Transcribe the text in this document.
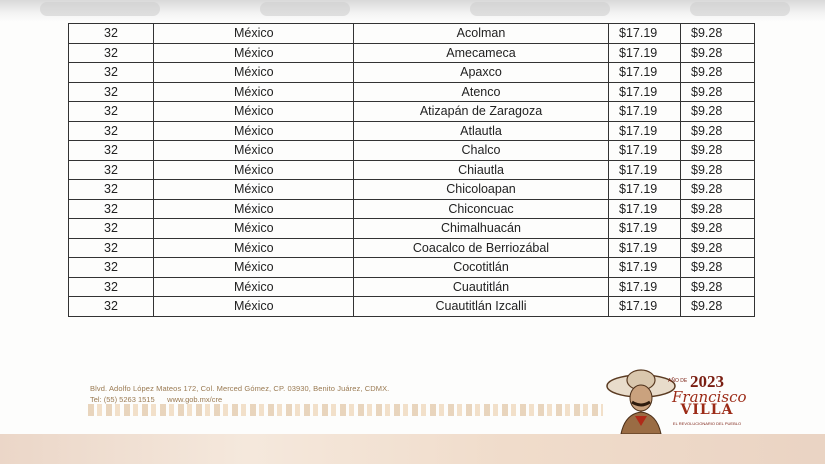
32	México	Acolman	$17.19	$9.28
32	México	Amecameca	$17.19	$9.28
32	México	Apaxco	$17.19	$9.28
32	México	Atenco	$17.19	$9.28
32	México	Atizapán de Zaragoza	$17.19	$9.28
32	México	Atlautla	$17.19	$9.28
32	México	Chalco	$17.19	$9.28
32	México	Chiautla	$17.19	$9.28
32	México	Chicoloapan	$17.19	$9.28
32	México	Chiconcuac	$17.19	$9.28
32	México	Chimalhuacán	$17.19	$9.28
32	México	Coacalco de Berriozábal	$17.19	$9.28
32	México	Cocotitlán	$17.19	$9.28
32	México	Cuautitlán	$17.19	$9.28
32	México	Cuautitlán Izcalli	$17.19	$9.28
Blvd. Adolfo López Mateos 172, Col. Merced Gómez, CP. 03930, Benito Juárez, CDMX.
Tel: (55) 5263 1515 www.gob.mx/cre
AÑO DE 2023
Francisco
VILLA
EL REVOLUCIONARIO DEL PUEBLO
